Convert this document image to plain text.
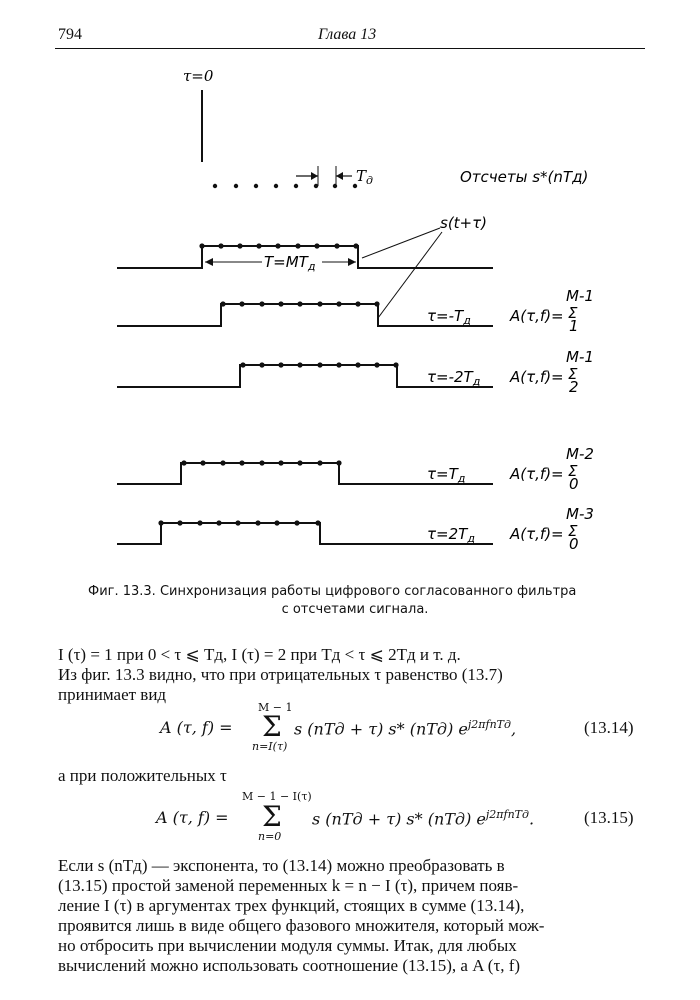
794	Глава 13
τ=0
$T_д$	Отсчеты s*(nTд)
s(t+τ)
$T=MT_д$
$\tau=-T_д$	A(τ,f)=
M-1
Σ
1
$\tau=-2T_д$ A(τ,f)=
M-1
Σ
2
$\tau=T_д$	A(τ,f)=
M-2
Σ
0
$\tau=2T_д$ A(τ,f)=
M-3
Σ
0
Фиг. 13.3. Синхронизация работы цифрового согласованного фильтра
с отсчетами сигнала.
I (τ) = 1 при 0 < τ ⩽ Tд, I (τ) = 2 при Tд < τ ⩽ 2Tд и т. д.
Из фиг. 13.3 видно, что при отрицательных τ равенство (13.7)
принимает вид
A (τ, f) =
M − 1
Σ
n=I(τ)
s (nTд + τ) s* (nTд) $e^{j2\pi fnTд}$,	(13.14)
а при положительных τ
A (τ, f) =
M − 1 − I(τ)
Σ
n=0
s (nTд + τ) s* (nTд) $e^{j2\pi fnTд}$.	(13.15)
Если s (nTд) — экспонента, то (13.14) можно преобразовать в
(13.15) простой заменой переменных k = n − I (τ), причем появ-
ление I (τ) в аргументах трех функций, стоящих в сумме (13.14),
проявится лишь в виде общего фазового множителя, который мож-
но отбросить при вычислении модуля суммы. Итак, для любых
вычислений можно использовать соотношение (13.15), а A (τ, f)
